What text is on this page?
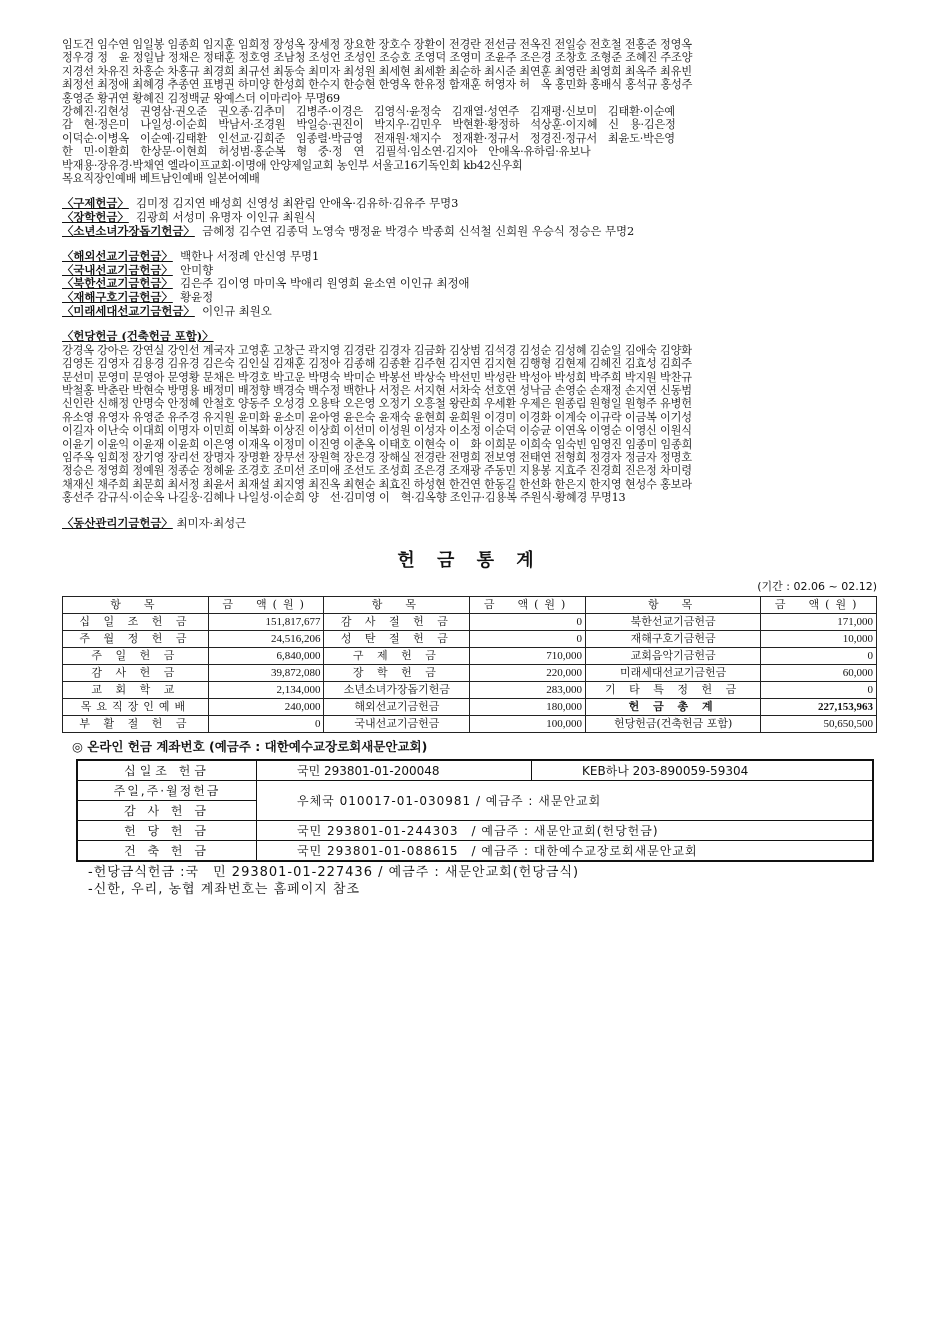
임도건 임수연 임일봉 임종희 임지훈 임희정 장성옥 장세정 장요한 장호수 장환이 전경란 전선금 전옥진 전일승 전호철 전홍준 정영옥

정우경 정　윤 정일남 정채은 정태훈 정호영 조남청 조성언 조성인 조승호 조영덕 조영미 조윤주 조은경 조창호 조형준 조혜진 주조양

지경선 차유진 차홍순 차홍규 최경희 최규선 최동숙 최미자 최성원 최세현 최세환 최순하 최시준 최연훈 최영란 최영희 최옥주 최유빈

최정선 최정애 최혜경 추종연 표병권 하미양 한성희 한수지 한승현 한영옥 한유정 함재훈 허영자 허　옥 홍민화 홍배식 홍석규 홍성주

홍영준 황귀연 황혜진 김정백균 왕예스더 이마리아 무명69

강혜진·김현성　권영삼·권오준　권오종·김추미　김병주·이경은　김영식·윤정숙　김재열·성연주　김재평·신보미　김태환·이순예

감　현·정은미　나일성·이순희　박남서·조경원　박일승·권진이　박지우·김민우　박현환·황정하　석상훈·이지혜　신　용·김은정

이덕순·이병옥　이순예·김태환　인선교·김희준　임종렬·박금영　전재원·채지수　정재환·정규서　정경진·정규서　최윤도·박은영

한　민·이환희　한상문·이현희　허성범·홍순복　형　중·정　연　김필석·임소연·김지아　안애옥·유하림·유보나

박재용·장유경·박채연 엘라이프교회·이명애 안양제일교회 농인부 서울고16기독인회 kb42신우회

목요직장인예배 베트남인예배 일본어예배

〈구제헌금〉 김미정 김지연 배성희 신영성 최완림 안애옥·김유하·김유주 무명3

〈장학헌금〉 김광희 서성미 유명자 이인규 최원식

〈소년소녀가장돕기헌금〉 금혜정 김수연 김종덕 노영숙 맹정윤 박경수 박종희 신석철 신희원 우승식 정승은 무명2

〈해외선교기금헌금〉 백한나 서정례 안신영 무명1

〈국내선교기금헌금〉 안미향

〈북한선교기금헌금〉 김은주 김이영 마미옥 박애리 원영희 윤소연 이인규 최정애

〈재해구호기금헌금〉 황윤정

〈미래세대선교기금헌금〉 이인규 최원오

〈헌당헌금 (건축헌금 포함)〉

강경옥 강아은 강연실 강인선 계국자 고영훈 고창근 곽지영 김경란 김경자 김금화 김상범 김석경 김성순 김성혜 김순일 김애숙 김양화

김영돈 김영자 김용경 김유경 김은숙 김인실 김재훈 김정아 김종해 김종환 김주현 김지연 김지현 김행형 김현제 김혜진 김효성 김희주

문선미 문영미 문영아 문영황 문채은 박경호 박고운 박명숙 박미순 박봉선 박상숙 박선민 박성란 박성아 박성희 박주희 박지원 박찬규

박철홍 박춘란 박현숙 방명용 배정미 배정향 백경숙 백수정 백한나 서정은 서지현 서차숙 선호연 성낙금 손영순 손재정 손지연 신동범

신인란 신해정 안명숙 안정혜 안철호 양동주 오성경 오용탁 오은영 오정기 오흥철 왕란희 우세환 우제은 원종림 원형일 원형주 유병헌

유소영 유영자 유영준 유주경 유지원 윤미화 윤소미 윤아영 윤은숙 윤재숙 윤현희 윤희원 이경미 이경화 이계숙 이규락 이금복 이기성

이길자 이난숙 이대희 이명자 이민희 이복화 이상진 이상희 이선미 이성원 이성자 이소정 이순덕 이승균 이연옥 이영순 이영신 이원식

이윤기 이윤익 이윤재 이윤희 이은영 이재옥 이정미 이진영 이춘옥 이태호 이현숙 이　화 이희문 이희숙 임숙빈 임영진 임종미 임종희

임주옥 임희정 장기영 장리선 장명자 장명환 장무선 장원혁 장은경 장해실 전경란 전명희 전보영 전태연 전형희 정경자 정금자 정명호

정승은 정영희 정예원 정종순 정혜윤 조경호 조미선 조미애 조선도 조성희 조은경 조재광 주동민 지용봉 지효주 진경희 진은정 차미령

채재신 채주희 최문희 최서정 최윤서 최재설 최지영 최진옥 최현순 최효진 하성현 한건연 한동길 한선화 한은지 한지영 현성수 홍보라

홍선주 감규식·이순옥 나길웅·김혜나 나일성·이순희 양　선·김미영 이　혁·김옥향 조인규·김용복 주원식·황혜경 무명13

〈동산관리기금헌금〉 최미자·최성근

헌 금 통 계
(기간 : 02.06 ~ 02.12)
항　목	금　액(원)	항　목	금　액(원)	항　목	금　액(원)
십 일 조 헌 금	151,817,677	감 사 절 헌 금	0	북한선교기금헌금	171,000
주 월 정 헌 금	24,516,206	성 탄 절 헌 금	0	재해구호기금헌금	10,000
주 일 헌 금	6,840,000	구 제 헌 금	710,000	교회음악기금헌금	0
감 사 헌 금	39,872,080	장 학 헌 금	220,000	미래세대선교기금헌금	60,000
교 회 학 교	2,134,000	소년소녀가장돕기헌금	283,000	기 타 특 정 헌 금	0
목요직장인예배	240,000	해외선교기금헌금	180,000	헌 금 총 계	227,153,963
부 활 절 헌 금	0	국내선교기금헌금	100,000	헌당헌금(건축헌금 포함)	50,650,500
◎ 온라인 헌금 계좌번호 (예금주 : 대한예수교장로회새문안교회)
십일조 헌금	국민 293801-01-200048	KEB하나 203-890059-59304
주일,주·월정헌금	우체국 010017-01-030981 / 예금주 : 새문안교회	
감 사 헌 금		
헌 당 헌 금	국민 293801-01-244303　/ 예금주 : 새문안교회(헌당헌금)	
건 축 헌 금	국민 293801-01-088615　/ 예금주 : 대한예수교장로회새문안교회	

-헌당금식헌금 :국　민 293801-01-227436 / 예금주 : 새문안교회(헌당금식)

-신한, 우리, 농협 계좌번호는 홈페이지 참조
